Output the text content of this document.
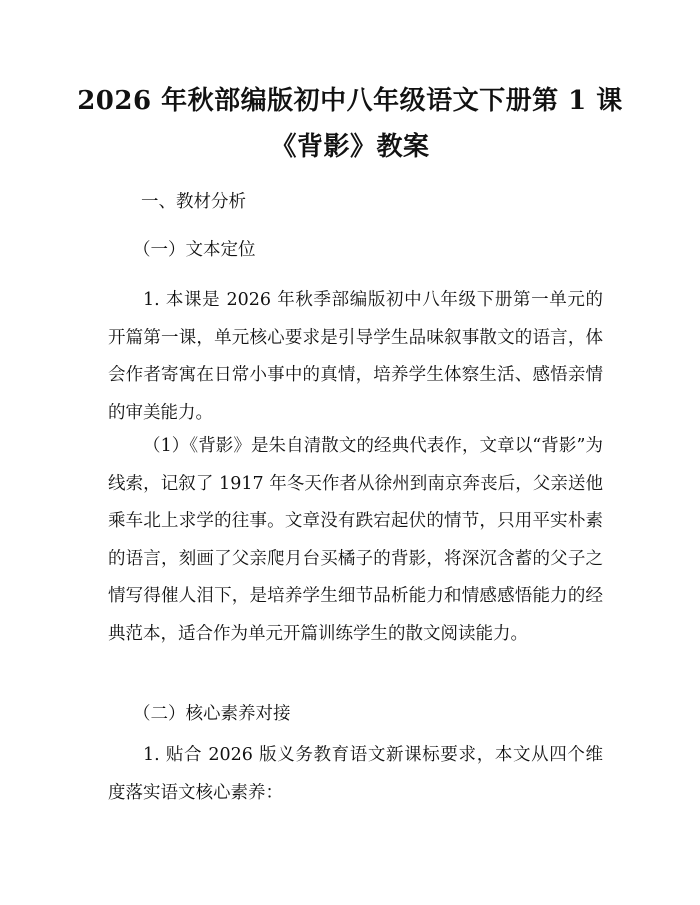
2026 年秋部编版初中八年级语文下册第 1 课
《背影》教案
一、教材分析
（一）文本定位
1. 本课是 2026 年秋季部编版初中八年级下册第一单元的开篇第一课，单元核心要求是引导学生品味叙事散文的语言，体会作者寄寓在日常小事中的真情，培养学生体察生活、感悟亲情的审美能力。
（1）《背影》是朱自清散文的经典代表作，文章以“背影”为线索，记叙了 1917 年冬天作者从徐州到南京奔丧后，父亲送他乘车北上求学的往事。文章没有跌宕起伏的情节，只用平实朴素的语言，刻画了父亲爬月台买橘子的背影，将深沉含蓄的父子之情写得催人泪下，是培养学生细节品析能力和情感感悟能力的经典范本，适合作为单元开篇训练学生的散文阅读能力。
（二）核心素养对接
1. 贴合 2026 版义务教育语文新课标要求，本文从四个维度落实语文核心素养：
